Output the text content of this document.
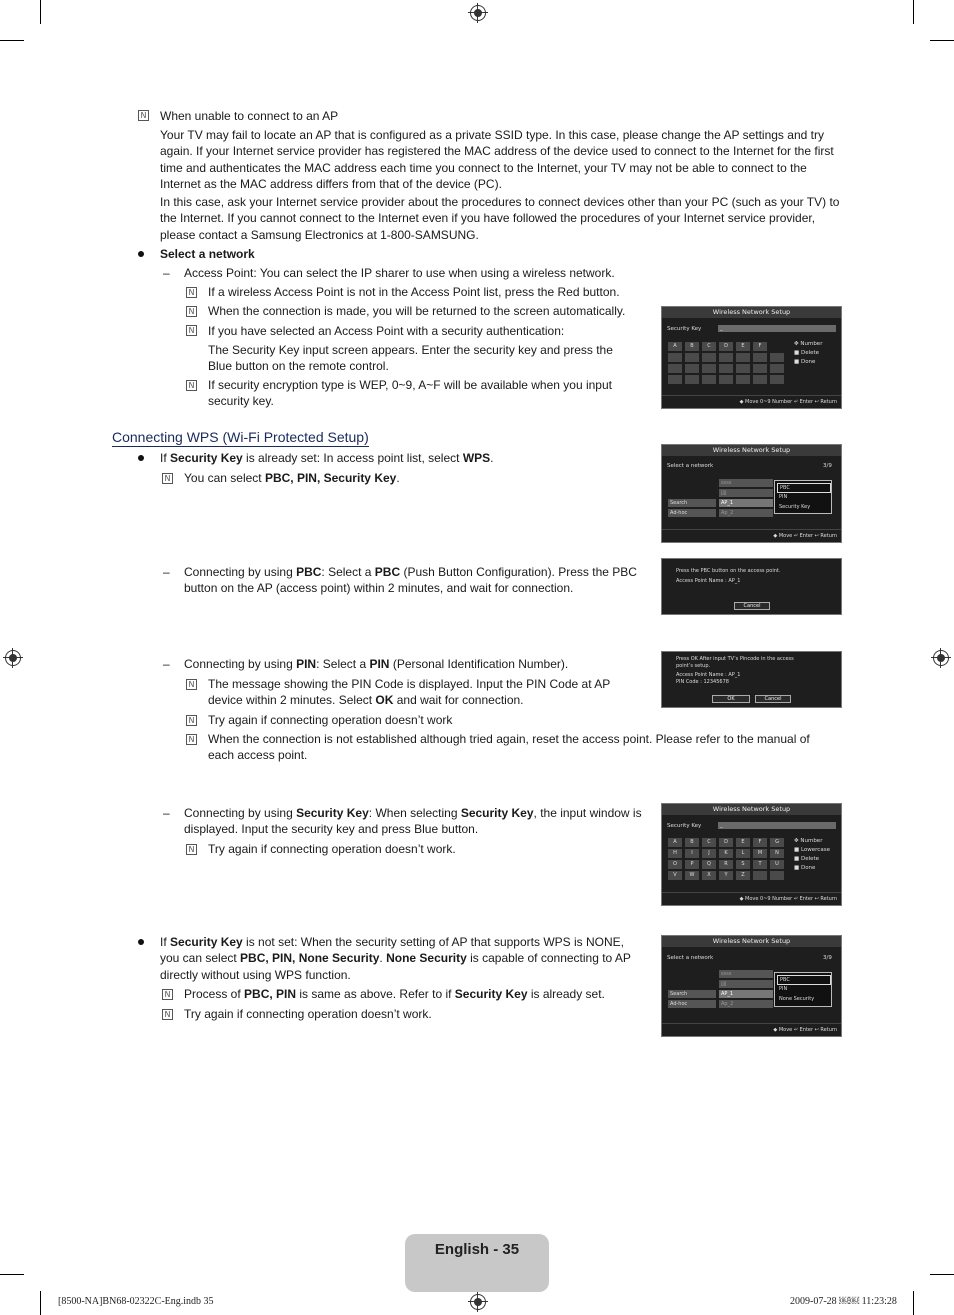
N When unable to connect to an AP

Your TV may fail to locate an AP that is configured as a private SSID type. In this case, please change the AP settings and try again. If your Internet service provider has registered the MAC address of the device used to connect to the Internet for the first time and authenticates the MAC address each time you connect to the Internet, your TV may not be able to connect to the Internet as the MAC address differs from that of the device (PC).

In this case, ask your Internet service provider about the procedures to connect devices other than your PC (such as your TV) to the Internet. If you cannot connect to the Internet even if you have followed the procedures of your Internet service provider, please contact a Samsung Electronics at 1-800-SAMSUNG.

Select a network

– Access Point: You can select the IP sharer to use when using a wireless network.

N If a wireless Access Point is not in the Access Point list, press the Red button.

N When the connection is made, you will be returned to the screen automatically.

N If you have selected an Access Point with a security authentication:

The Security Key input screen appears. Enter the security key and press the Blue button on the remote control.

N If security encryption type is WEP, 0~9, A~F will be available when you input security key.

Connecting WPS (Wi-Fi Protected Setup)

If Security Key is already set: In access point list, select WPS.

N You can select PBC, PIN, Security Key.

– Connecting by using PBC: Select a PBC (Push Button Configuration). Press the PBC button on the AP (access point) within 2 minutes, and wait for connection.

– Connecting by using PIN: Select a PIN (Personal Identification Number).

N The message showing the PIN Code is displayed. Input the PIN Code at AP device within 2 minutes. Select OK and wait for connection.

N Try again if connecting operation doesn’t work

N When the connection is not established although tried again, reset the access point. Please refer to the manual of each access point.

– Connecting by using Security Key: When selecting Security Key, the input window is displayed. Input the security key and press Blue button.

N Try again if connecting operation doesn’t work.

If Security Key is not set: When the security setting of AP that supports WPS is NONE, you can select PBC, PIN, None Security. None Security is capable of connecting to AP directly without using WPS function.

N Process of PBC, PIN is same as above. Refer to if Security Key is already set.

N Try again if connecting operation doesn’t work.

Wireless Network Setup
Security Key	_
A	B	C	D	E	F	✥ Number
■ Delete
■ Done
◆ Move 0~9 Number ↵ Enter ↩ Return
Wireless Network Setup
Select a network	3/9
Search
Ad-hoc
ssss
jjjj
AP_1
Ap_2
PBC
PIN
Security Key
◆ Move ↵ Enter ↩ Return
Press the PBC button on the access point.
Access Point Name : AP_1
Cancel
Press OK After input TV’s Pincode in the access
point’s setup.
Access Point Name : AP_1
PIN Code : 12345678
OK	Cancel
Wireless Network Setup
Security Key	_
A	B	C	D	E	F	G
H	I	J	K	L	M	N
O	P	Q	R	S	T	U
V	W	X	Y	Z
✥ Number
■ Lowercase
■ Delete
■ Done
◆ Move 0~9 Number ↵ Enter ↩ Return
Wireless Network Setup
Select a network	3/9
Search
Ad-hoc
ssss
jjjj
AP_1
Ap_2
PBC
PIN
None Security
◆ Move ↵ Enter ↩ Return
English - 35
[8500-NA]BN68-02322C-Eng.indb 35	2009-07-28 ￼￼ 11:23:28
